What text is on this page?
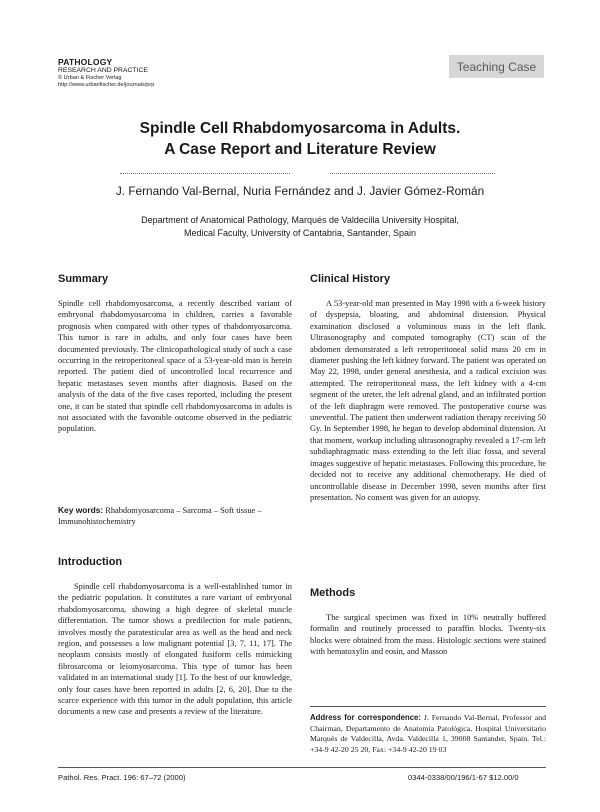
PATHOLOGY
RESEARCH AND PRACTICE
© Urban & Fischer Verlag
http://www.urbanfischer.de/journals/prp
Teaching Case
Spindle Cell Rhabdomyosarcoma in Adults.
A Case Report and Literature Review
J. Fernando Val-Bernal, Nuria Fernández and J. Javier Gómez-Román
Department of Anatomical Pathology, Marqués de Valdecilla University Hospital,
Medical Faculty, University of Cantabria, Santander, Spain
Summary

Spindle cell rhabdomyosarcoma, a recently described variant of embryonal rhabdomyosarcoma in children, carries a favorable prognosis when compared with other types of rhabdomyosarcoma. This tumor is rare in adults, and only four cases have been documented previously. The clinicopathological study of such a case occurring in the retroperitoneal space of a 53-year-old man is herein reported. The patient died of uncontrolled local recurrence and hepatic metastases seven months after diagnosis. Based on the analysis of the data of the five cases reported, including the present one, it can be stated that spindle cell rhabdomyosarcoma in adults is not associated with the favorable outcome observed in the pediatric population.

Key words: Rhabdomyosarcoma – Sarcoma – Soft tissue – Immunohistochemistry
Introduction

Spindle cell rhabdomyosarcoma is a well-established tumor in the pediatric population. It constitutes a rare variant of embryonal rhabdomyosarcoma, showing a high degree of skeletal muscle differentiation. The tumor shows a predilection for male patients, involves mostly the paratesticular area as well as the head and neck region, and possesses a low malignant potential [3, 7, 11, 17]. The neoplasm consists mostly of elongated fusiform cells mimicking fibrosarcoma or leiomyosarcoma. This type of tumor has been validated in an international study [1]. To the best of our knowledge, only four cases have been reported in adults [2, 6, 20]. Due to the scarce experience with this tumor in the adult population, this article documents a new case and presents a review of the literature.

Clinical History

A 53-year-old man presented in May 1998 with a 6-week history of dyspepsia, bloating, and abdominal distension. Physical examination disclosed a voluminous mass in the left flank. Ultrasonography and computed tomography (CT) scan of the abdomen demonstrated a left retroperitoneal solid mass 20 cm in diameter pushing the left kidney forward. The patient was operated on May 22, 1998, under general anesthesia, and a radical excision was attempted. The retroperitoneal mass, the left kidney with a 4-cm segment of the ureter, the left adrenal gland, and an infiltrated portion of the left diaphragm were removed. The postoperative course was uneventful. The patient then underwent radiation therapy receiving 50 Gy. In September 1998, he began to develop abdominal distension. At that moment, workup including ultrasonography revealed a 17-cm left subdiaphragmatic mass extending to the left iliac fossa, and several images suggestive of hepatic metastases. Following this procedure, he decided not to receive any additional chemotherapy. He died of uncontrollable disease in December 1998, seven months after first presentation. No consent was given for an autopsy.

Methods

The surgical specimen was fixed in 10% neutrally buffered formalin and routinely processed to paraffin blocks. Twenty-six blocks were obtained from the mass. Histologic sections were stained with hematoxylin and eosin, and Masson

Address for correspondence: J. Fernando Val-Bernal, Professor and Chairman, Departamento de Anatomía Patológica, Hospital Universitario Marqués de Valdecilla, Avda. Valdecilla 1, 39008 Santander, Spain. Tel.: +34-9 42-20 25 20, Fax: +34-9 42-20 19 03
Pathol. Res. Pract. 196: 67–72 (2000)	0344-0338/00/196/1-67 $12.00/0
